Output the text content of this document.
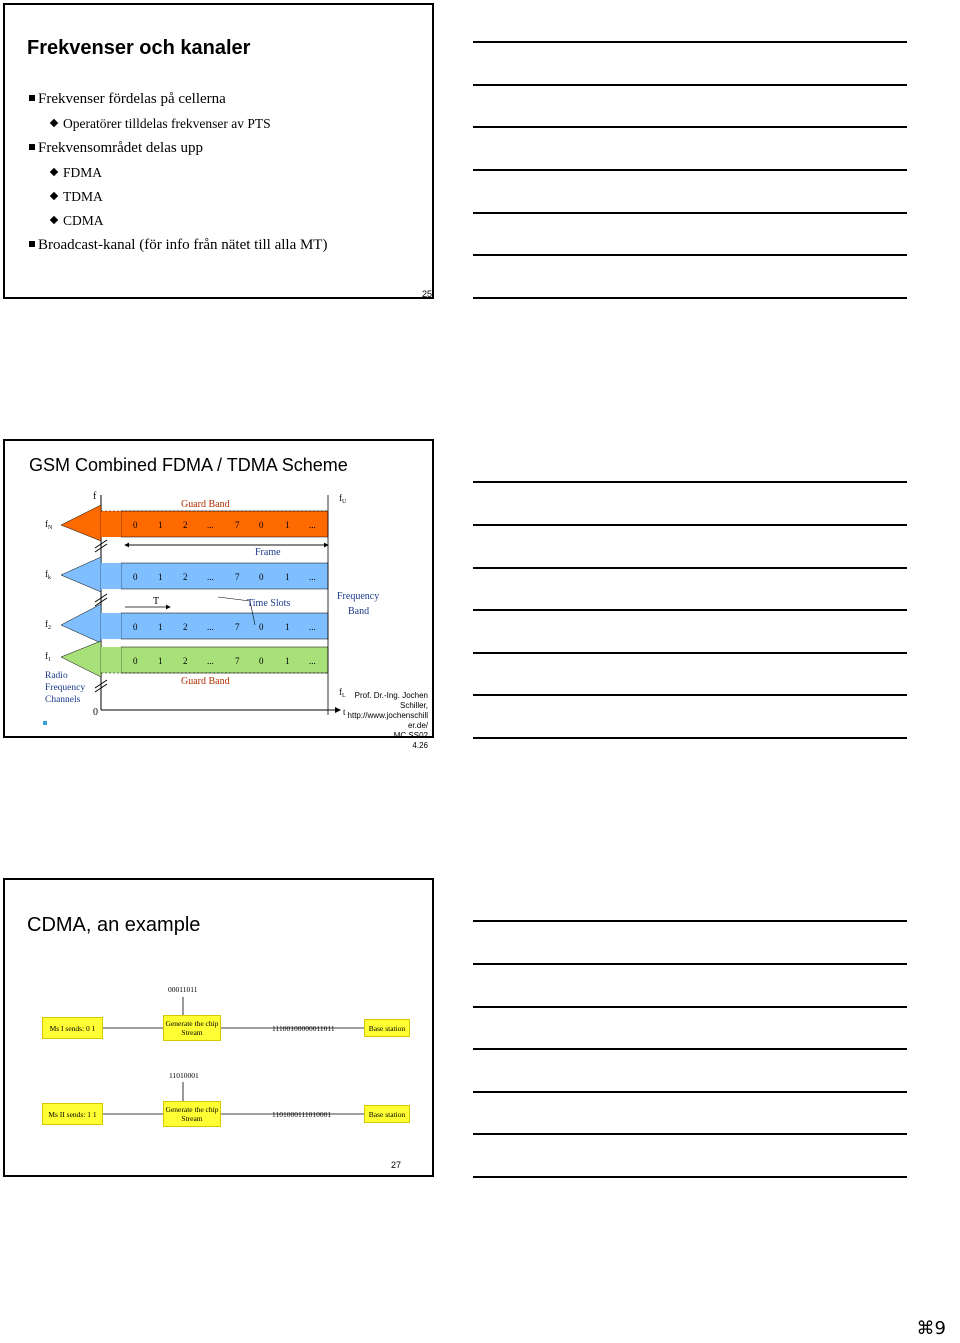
Frekvenser och kanaler
Frekvenser fördelas på cellerna
Operatörer tilldelas frekvenser av PTS
Frekvensområdet delas upp
FDMA
TDMA
CDMA
Broadcast-kanal (för info från nätet till alla MT)
25
GSM Combined FDMA / TDMA Scheme
f
0
$f_U$
$f_L$
t
$f_N$
$f_k$
$f_2$
$f_1$
Guard Band
Guard Band
Frame
T	Time Slots
Frequency
Band
Radio
Frequency
Channels
0 1 2 ... 7 0 1 ...
0 1 2 ... 7 0 1 ...
0 1 2 ... 7 0 1 ...
0 1 2 ... 7 0 1 ...
Prof. Dr.-Ing. Jochen
Schiller,
http://www.jochenschill
er.de/
MC SS02
4.26
CDMA, an example
00011011
Ms I sends: 0 1	Generate the chip Stream	11100100000011011	Base station
11010001
Ms II sends: 1 1	Generate the chip Stream	1101000111010001	Base station
27
⌘9
